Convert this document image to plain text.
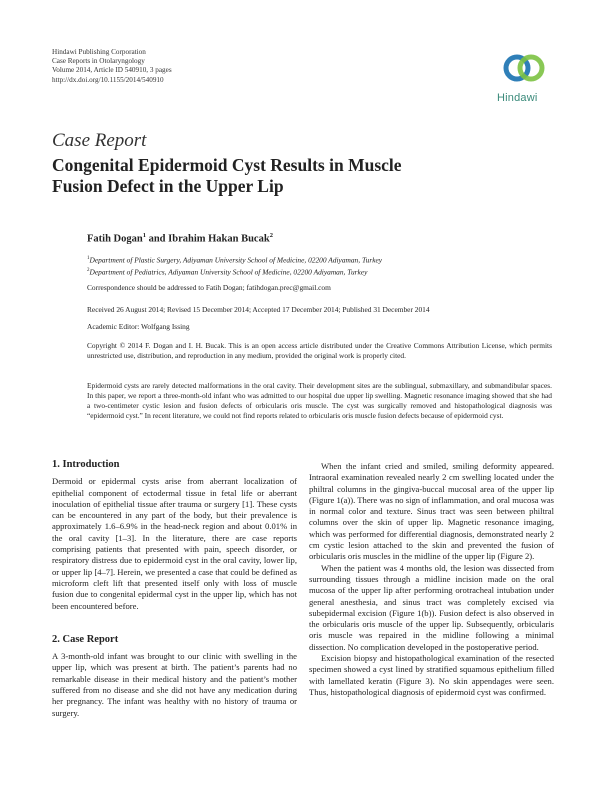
Hindawi Publishing Corporation
Case Reports in Otolaryngology
Volume 2014, Article ID 540910, 3 pages
http://dx.doi.org/10.1155/2014/540910
Hindawi
Case Report
Congenital Epidermoid Cyst Results in Muscle
Fusion Defect in the Upper Lip
Fatih Dogan$^1$ and Ibrahim Hakan Bucak$^2$
$^1$Department of Plastic Surgery, Adiyaman University School of Medicine, 02200 Adiyaman, Turkey
$^2$Department of Pediatrics, Adiyaman University School of Medicine, 02200 Adiyaman, Turkey
Correspondence should be addressed to Fatih Dogan; fatihdogan.prec@gmail.com
Received 26 August 2014; Revised 15 December 2014; Accepted 17 December 2014; Published 31 December 2014
Academic Editor: Wolfgang Issing
Copyright © 2014 F. Dogan and I. H. Bucak. This is an open access article distributed under the Creative Commons Attribution License, which permits unrestricted use, distribution, and reproduction in any medium, provided the original work is properly cited.
Epidermoid cysts are rarely detected malformations in the oral cavity. Their development sites are the sublingual, submaxillary, and submandibular spaces. In this paper, we report a three-month-old infant who was admitted to our hospital due upper lip swelling. Magnetic resonance imaging showed that she had a two-centimeter cystic lesion and fusion defects of orbicularis oris muscle. The cyst was surgically removed and histopathological diagnosis was “epidermoid cyst.” In recent literature, we could not find reports related to orbicularis oris muscle fusion defects because of epidermoid cyst.

1. Introduction

Dermoid or epidermal cysts arise from aberrant localization of epithelial component of ectodermal tissue in fetal life or aberrant inoculation of epithelial tissue after trauma or surgery [1]. These cysts can be encountered in any part of the body, but their prevalence is approximately 1.6–6.9% in the head-neck region and about 0.01% in the oral cavity [1–3]. In the literature, there are case reports comprising patients that presented with pain, speech disorder, or respiratory distress due to epidermoid cyst in the oral cavity, lower lip, or upper lip [4–7]. Herein, we presented a case that could be defined as microform cleft lift that presented itself only with loss of muscle fusion due to congenital epidermal cyst in the upper lip, which has not been encountered before.

2. Case Report

A 3-month-old infant was brought to our clinic with swelling in the upper lip, which was present at birth. The patient’s parents had no remarkable disease in their medical history and the patient’s mother suffered from no disease and she did not have any medication during her pregnancy. The infant was healthy with no history of trauma or surgery.

When the infant cried and smiled, smiling deformity appeared. Intraoral examination revealed nearly 2 cm swelling located under the philtral columns in the gingiva-buccal mucosal area of the upper lip (Figure 1(a)). There was no sign of inflammation, and oral mucosa was in normal color and texture. Sinus tract was seen between philtral columns over the skin of upper lip. Magnetic resonance imaging, which was performed for differential diagnosis, demonstrated nearly 2 cm cystic lesion attached to the skin and prevented the fusion of orbicularis oris muscles in the midline of the upper lip (Figure 2).

When the patient was 4 months old, the lesion was dissected from surrounding tissues through a midline incision made on the oral mucosa of the upper lip after performing orotracheal intubation under general anesthesia, and sinus tract was completely excised via subepidermal excision (Figure 1(b)). Fusion defect is also observed in the orbicularis oris muscle of the upper lip. Subsequently, orbicularis oris muscle was repaired in the midline following a minimal dissection. No complication developed in the postoperative period.

Excision biopsy and histopathological examination of the resected specimen showed a cyst lined by stratified squamous epithelium filled with lamellated keratin (Figure 3). No skin appendages were seen. Thus, histopathological diagnosis of epidermoid cyst was confirmed.
